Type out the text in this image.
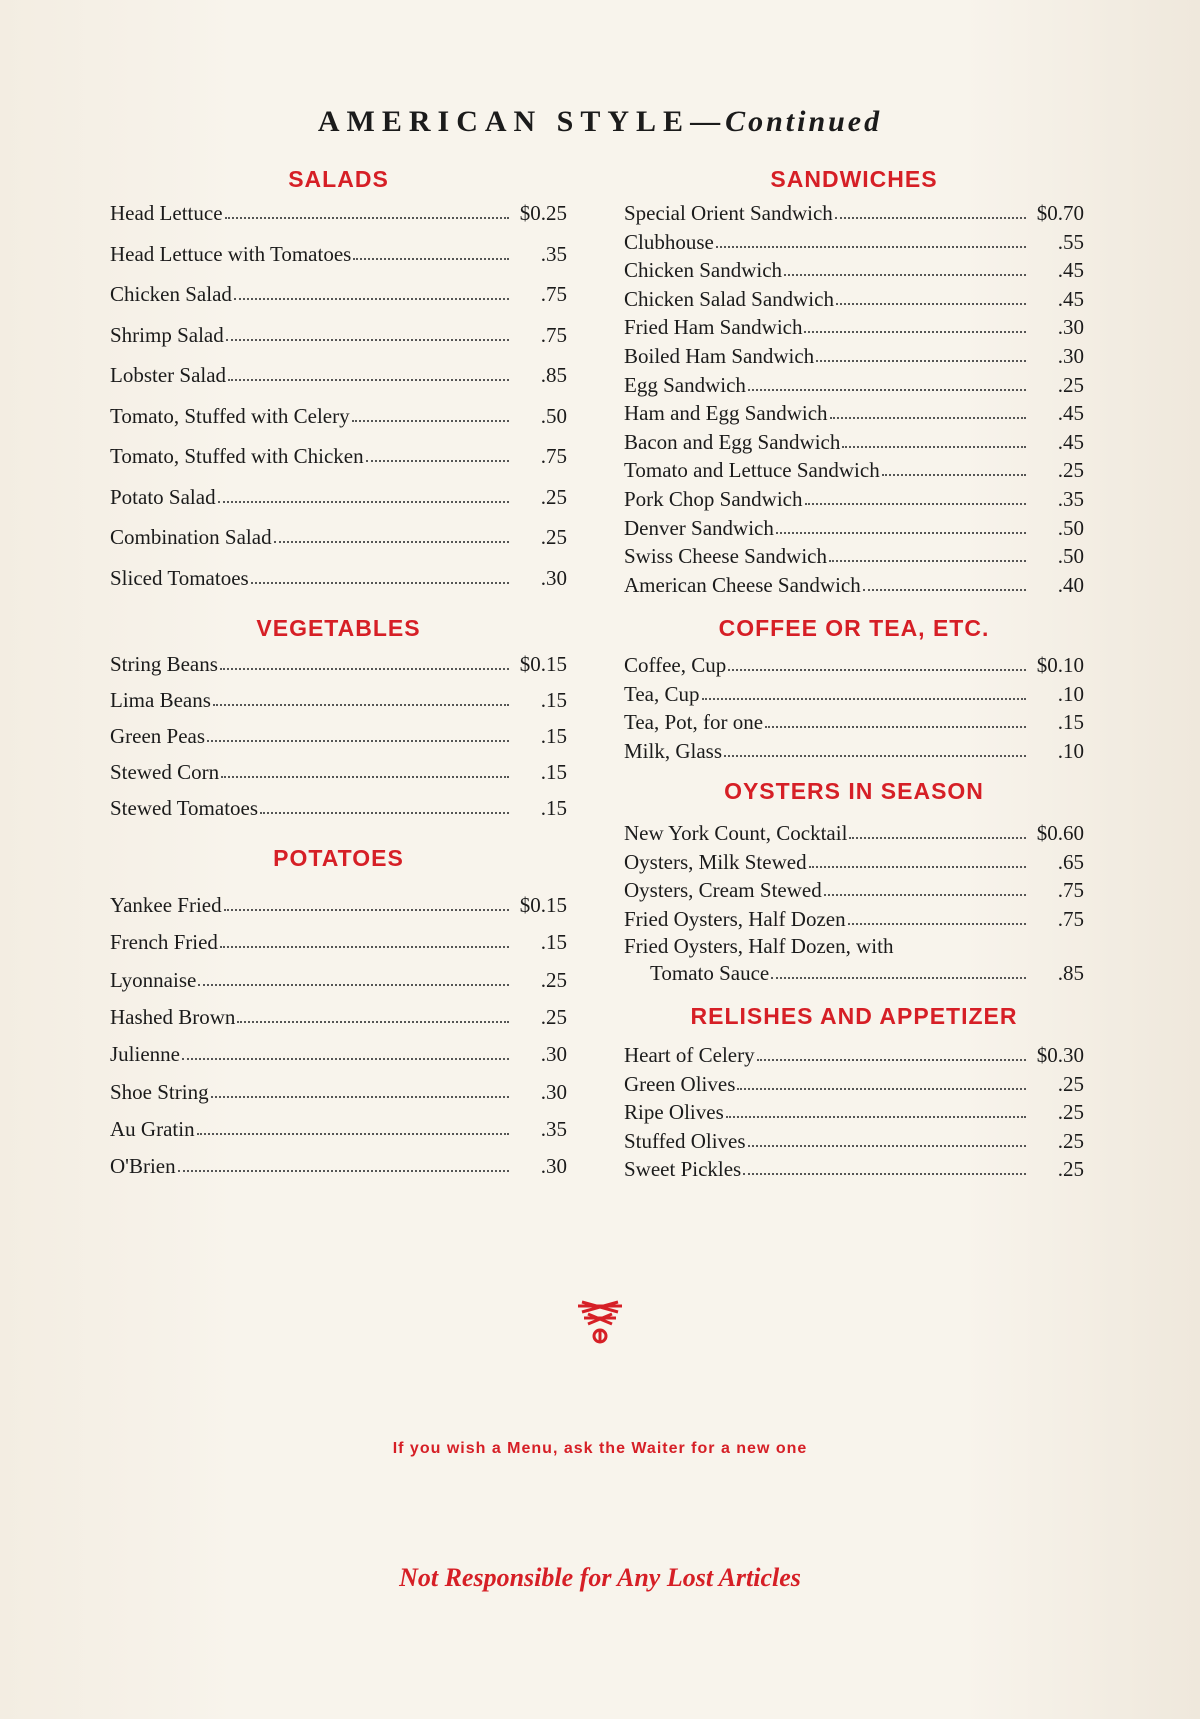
AMERICAN STYLE—Continued
SALADS
Head Lettuce	$0.25
Head Lettuce with Tomatoes	.35
Chicken Salad	.75
Shrimp Salad	.75
Lobster Salad	.85
Tomato, Stuffed with Celery	.50
Tomato, Stuffed with Chicken	.75
Potato Salad	.25
Combination Salad	.25
Sliced Tomatoes	.30
VEGETABLES
String Beans	$0.15
Lima Beans	.15
Green Peas	.15
Stewed Corn	.15
Stewed Tomatoes	.15
POTATOES
Yankee Fried	$0.15
French Fried	.15
Lyonnaise	.25
Hashed Brown	.25
Julienne	.30
Shoe String	.30
Au Gratin	.35
O'Brien	.30
SANDWICHES
Special Orient Sandwich	$0.70
Clubhouse	.55
Chicken Sandwich	.45
Chicken Salad Sandwich	.45
Fried Ham Sandwich	.30
Boiled Ham Sandwich	.30
Egg Sandwich	.25
Ham and Egg Sandwich	.45
Bacon and Egg Sandwich	.45
Tomato and Lettuce Sandwich	.25
Pork Chop Sandwich	.35
Denver Sandwich	.50
Swiss Cheese Sandwich	.50
American Cheese Sandwich	.40
COFFEE OR TEA, ETC.
Coffee, Cup	$0.10
Tea, Cup	.10
Tea, Pot, for one	.15
Milk, Glass	.10
OYSTERS IN SEASON
New York Count, Cocktail	$0.60
Oysters, Milk Stewed	.65
Oysters, Cream Stewed	.75
Fried Oysters, Half Dozen	.75
Fried Oysters, Half Dozen, with
Tomato Sauce	.85
RELISHES AND APPETIZER
Heart of Celery	$0.30
Green Olives	.25
Ripe Olives	.25
Stuffed Olives	.25
Sweet Pickles	.25
If you wish a Menu, ask the Waiter for a new one
Not Responsible for Any Lost Articles
